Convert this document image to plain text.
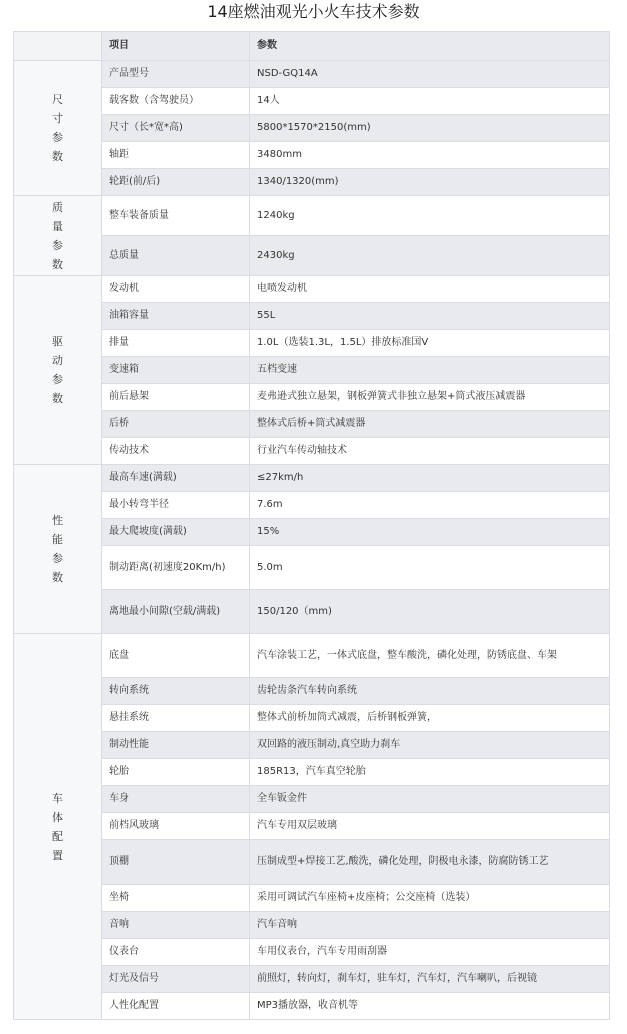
14座燃油观光小火车技术参数
	项目	参数
尺寸参数	产品型号	NSD-GQ14A
	载客数（含驾驶员）	14人
	尺寸（长*宽*高)	5800*1570*2150(mm)
	轴距	3480mm
	轮距(前/后)	1340/1320(mm)
质量参数	整车装备质量	1240kg
	总质量	2430kg
驱动参数	发动机	电喷发动机
	油箱容量	55L
	排量	1.0L（选装1.3L，1.5L）排放标准国V
	变速箱	五档变速
	前后悬架	麦弗逊式独立悬架，钢板弹簧式非独立悬架+筒式液压减震器
	后桥	整体式后桥+筒式减震器
	传动技术	行业汽车传动轴技术
性能参数	最高车速(满载)	≤27km/h
	最小转弯半径	7.6m
	最大爬坡度(满载)	15%
	制动距离(初速度20Km/h)	5.0m
	离地最小间隙(空载/满载)	150/120（mm)
车体配置	底盘	汽车涂装工艺，一体式底盘，整车酸洗，磷化处理，防锈底盘、车架
	转向系统	齿轮齿条汽车转向系统
	悬挂系统	整体式前桥加筒式减震，后桥钢板弹簧，
	制动性能	双回路的液压制动,真空助力刹车
	轮胎	185R13，汽车真空轮胎
	车身	全车钣金件
	前档风玻璃	汽车专用双层玻璃
	顶棚	压制成型+焊接工艺,酸洗，磷化处理，阴极电永漆，防腐防锈工艺
	坐椅	采用可调试汽车座椅+皮座椅；公交座椅（选装）
	音响	汽车音响
	仪表台	车用仪表台，汽车专用雨刮器
	灯光及信号	前照灯，转向灯，刹车灯，驻车灯，汽车灯，汽车喇叭，后视镜
	人性化配置	MP3播放器，收音机等
